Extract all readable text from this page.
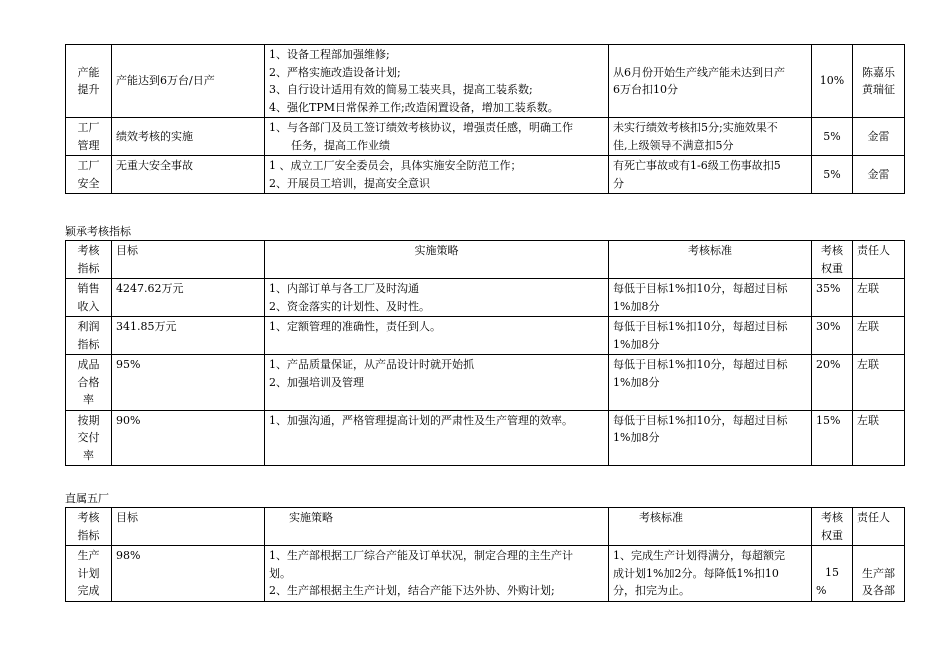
产能
提升	产能达到6万台/日产	1、设备工程部加强维修;
2、严格实施改造设备计划;
3、自行设计适用有效的简易工装夹具，提高工装系数;
4、强化TPM日常保养工作;改造闲置设备，增加工装系数。	从6月份开始生产线产能未达到日产
6万台扣10分	10%	陈嘉乐
黄瑞征

工厂
管理	绩效考核的实施	1、与各部门及员工签订绩效考核协议，增强责任感，明确工作
任务，提高工作业绩	未实行绩效考核扣5分;实施效果不
佳,上级领导不满意扣5分	5%	金雷

工厂
安全	无重大安全事故	1 、成立工厂安全委员会，具体实施安全防范工作；
2、开展员工培训，提高安全意识	有死亡事故或有1-6级工伤事故扣5
分	5%	金雷
颖承考核指标
考核
指标	目标	实施策略	考核标准	考核
权重	责任人

销售
收入	4247.62万元	1、内部订单与各工厂及时沟通
2、资金落实的计划性、及时性。	每低于目标1%扣10分，每超过目标
1%加8分	35%	左联

利润
指标	341.85万元	1、定额管理的准确性，责任到人。	每低于目标1%扣10分，每超过目标
1%加8分	30%	左联

成品
合格
率	95%	1、产品质量保证，从产品设计时就开始抓
2、加强培训及管理	每低于目标1%扣10分，每超过目标
1%加8分	20%	左联

按期
交付
率	90%	1、加强沟通，严格管理提高计划的严肃性及生产管理的效率。	每低于目标1%扣10分，每超过目标
1%加8分	15%	左联
直属五厂
考核
指标	目标	实施策略	考核标准	考核
权重	责任人

生产
计划
完成	98%	1、生产部根据工厂综合产能及订单状况，制定合理的主生产计
划。
2、生产部根据主生产计划，结合产能下达外协、外购计划;	1、完成生产计划得满分，每超额完
成计划1%加2分。每降低1%扣10
分，扣完为止。	15
%	生产部
及各部
